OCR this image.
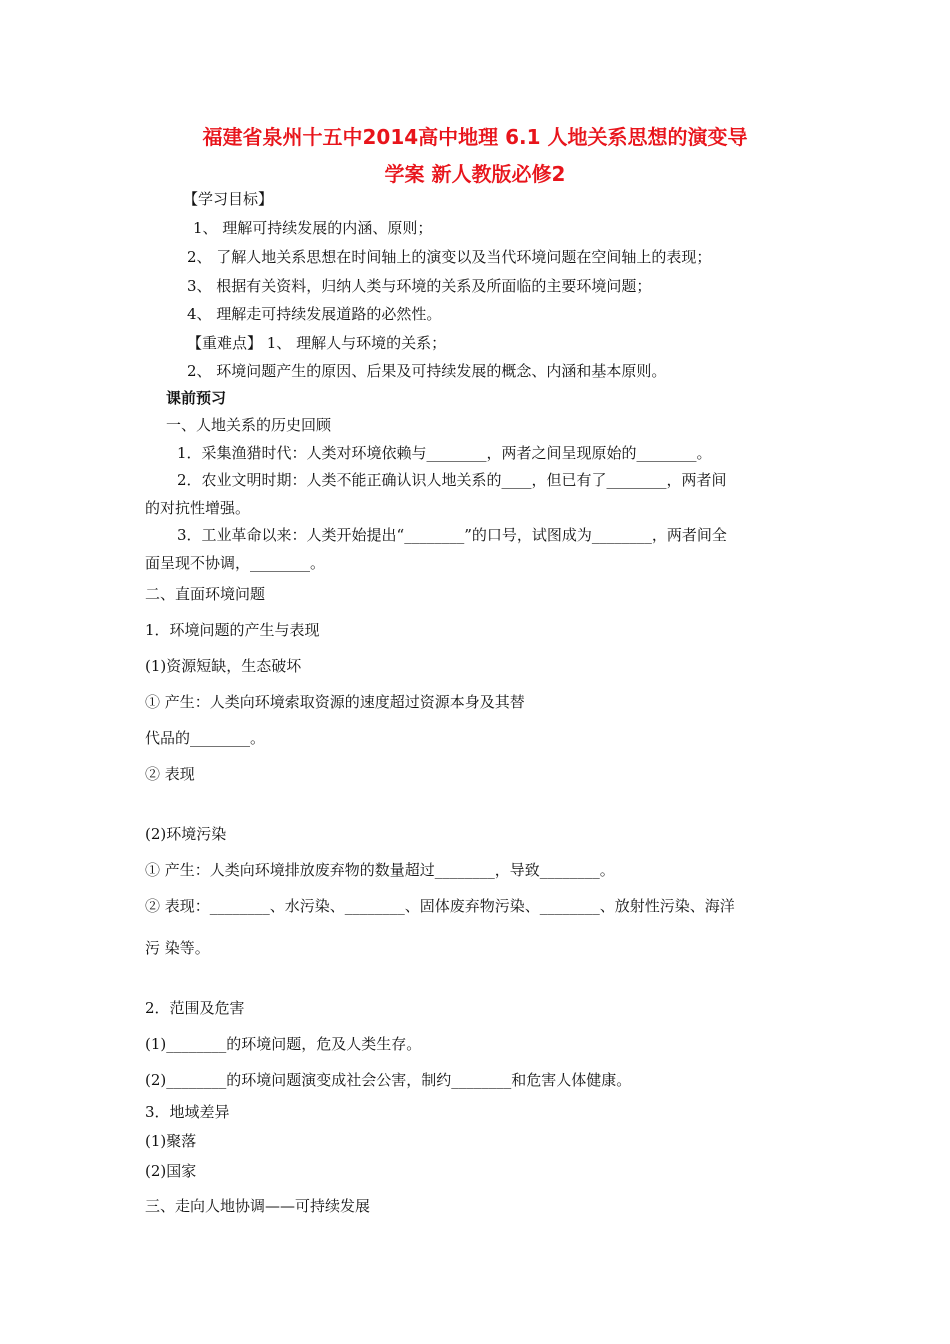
福建省泉州十五中2014高中地理 6.1 人地关系思想的演变导
学案 新人教版必修2

【学习目标】

1、 理解可持续发展的内涵、原则；

2、 了解人地关系思想在时间轴上的演变以及当代环境问题在空间轴上的表现；

3、 根据有关资料，归纳人类与环境的关系及所面临的主要环境问题；

4、 理解走可持续发展道路的必然性。

【重难点】 1、 理解人与环境的关系；

2、 环境问题产生的原因、后果及可持续发展的概念、内涵和基本原则。

课前预习

一、人地关系的历史回顾

1．采集渔猎时代：人类对环境依赖与________，两者之间呈现原始的________。

2．农业文明时期：人类不能正确认识人地关系的____，但已有了________，两者间

的对抗性增强。

3．工业革命以来：人类开始提出“________”的口号，试图成为________，两者间全

面呈现不协调，________。

二、直面环境问题

1．环境问题的产生与表现

(1)资源短缺，生态破坏

① 产生：人类向环境索取资源的速度超过资源本身及其替

代品的________。

② 表现

(2)环境污染

① 产生：人类向环境排放废弃物的数量超过________，导致________。

② 表现：________、水污染、________、固体废弃物污染、________、放射性污染、海洋

污 染等。

2．范围及危害

(1)________的环境问题，危及人类生存。

(2)________的环境问题演变成社会公害，制约________和危害人体健康。

3．地域差异

(1)聚落

(2)国家

三、走向人地协调——可持续发展
